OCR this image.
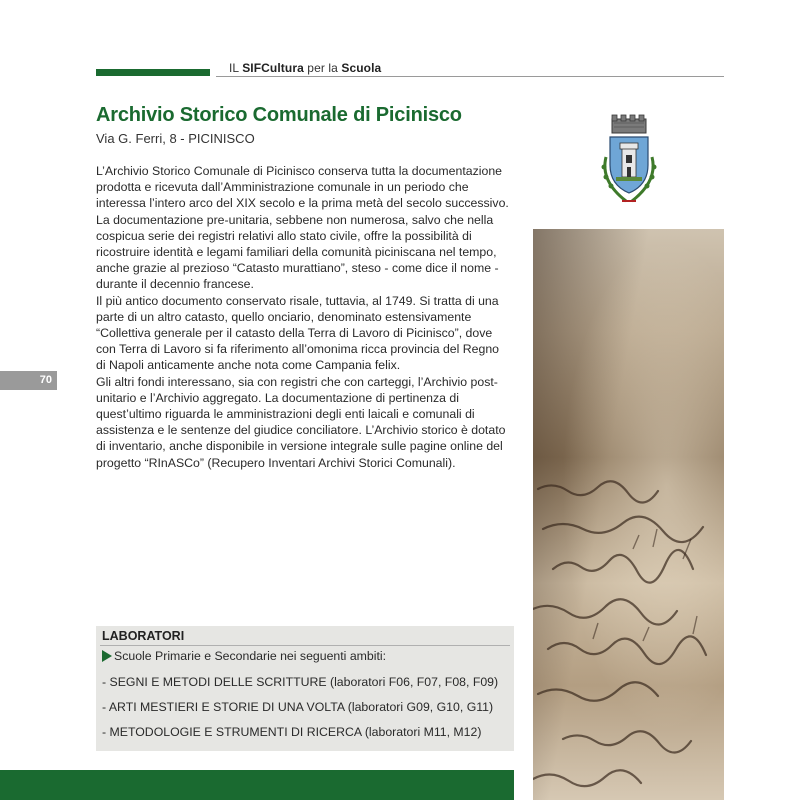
IL SIFCultura per la Scuola
Archivio Storico Comunale di Picinisco
Via G. Ferri, 8 - PICINISCO

L’Archivio Storico Comunale di Picinisco conserva tutta la documentazione

prodotta e ricevuta dall’Amministrazione comunale in un periodo che

interessa l’intero arco del XIX secolo e la prima metà del secolo successivo.

La documentazione pre-unitaria, sebbene non numerosa, salvo che nella

cospicua serie dei registri relativi allo stato civile, offre la possibilità di

ricostruire identità e legami familiari della comunità piciniscana nel tempo,

anche grazie al prezioso “Catasto murattiano”, steso - come dice il nome -

durante il decennio francese.

Il più antico documento conservato risale, tuttavia, al 1749. Si tratta di una

parte di un altro catasto, quello onciario, denominato estensivamente

“Collettiva generale per il catasto della Terra di Lavoro di Picinisco”, dove

con Terra di Lavoro si fa riferimento all’omonima ricca provincia del Regno

di Napoli anticamente anche nota come Campania felix.

Gli altri fondi interessano, sia con registri che con carteggi, l’Archivio post-

unitario e l’Archivio aggregato. La documentazione di pertinenza di

quest’ultimo riguarda le amministrazioni degli enti laicali e comunali di

assistenza e le sentenze del giudice conciliatore. L’Archivio storico è dotato

di inventario, anche disponibile in versione integrale sulle pagine online del

progetto “RInASCo” (Recupero Inventari Archivi Storici Comunali).

70
LABORATORI
Scuole Primarie e Secondarie nei seguenti ambiti:
- SEGNI E METODI DELLE SCRITTURE (laboratori F06, F07, F08, F09)
- ARTI MESTIERI E STORIE DI UNA VOLTA (laboratori G09, G10, G11)
- METODOLOGIE E STRUMENTI DI RICERCA (laboratori M11, M12)
